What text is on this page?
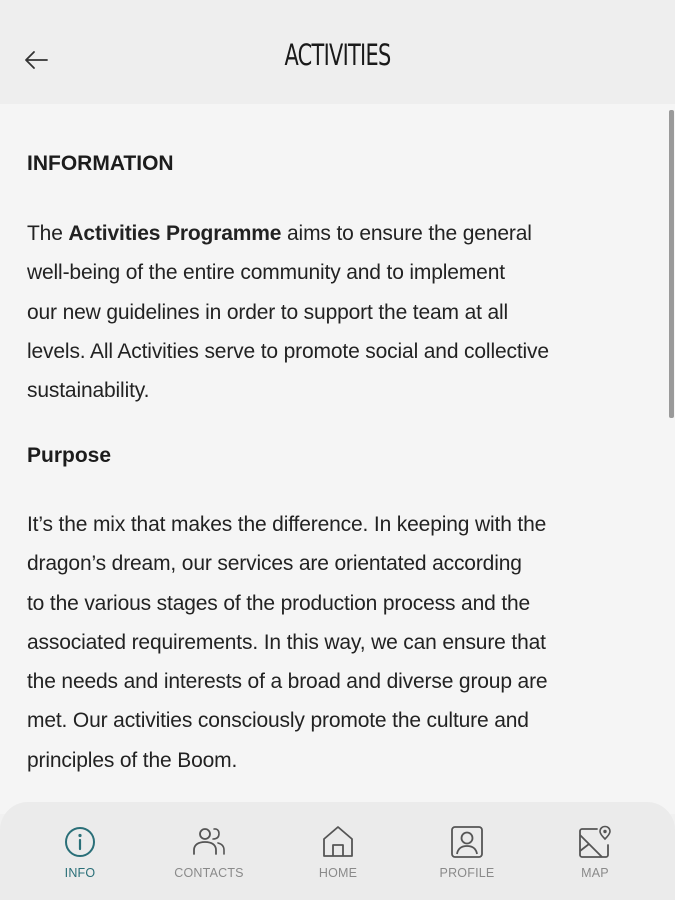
ACTIVITIES
INFORMATION

The Activities Programme aims to ensure the general
well-being of the entire community and to implement
our new guidelines in order to support the team at all
levels. All Activities serve to promote social and collective
sustainability.

Purpose

It’s the mix that makes the difference. In keeping with the
dragon’s dream, our services are orientated according
to the various stages of the production process and the
associated requirements. In this way, we can ensure that
the needs and interests of a broad and diverse group are
met. Our activities consciously promote the culture and
principles of the Boom.

INFO	CONTACTS	HOME	PROFILE	MAP
